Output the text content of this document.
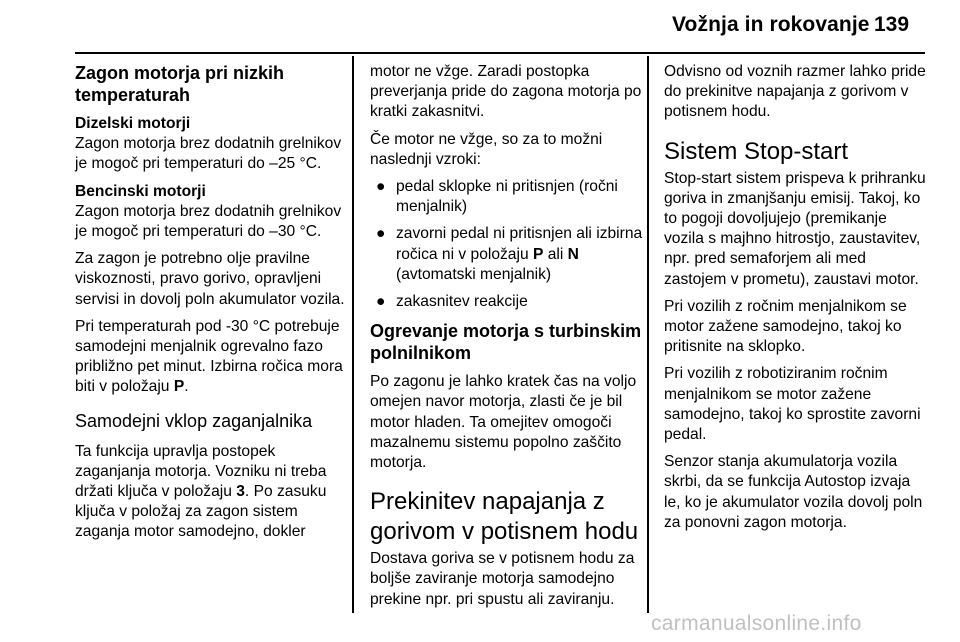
Vožnja in rokovanje 139
Zagon motorja pri nizkih temperaturah
Dizelski motorji

Zagon motorja brez dodatnih grelnikov je mogoč pri temperaturi do –25 °C.

Bencinski motorji

Zagon motorja brez dodatnih grelnikov je mogoč pri temperaturi do –30 °C.

Za zagon je potrebno olje pravilne viskoznosti, pravo gorivo, opravljeni servisi in dovolj poln akumulator vozila.

Pri temperaturah pod -30 °C potrebuje samodejni menjalnik ogrevalno fazo približno pet minut. Izbirna ročica mora biti v položaju P.

Samodejni vklop zaganjalnika

Ta funkcija upravlja postopek zaganjanja motorja. Vozniku ni treba držati ključa v položaju 3. Po zasuku ključa v položaj za zagon sistem zaganja motor samodejno, dokler

motor ne vžge. Zaradi postopka preverjanja pride do zagona motorja po kratki zakasnitvi.

Če motor ne vžge, so za to možni naslednji vzroki:

● pedal sklopke ni pritisnjen (ročni menjalnik)
● zavorni pedal ni pritisnjen ali izbirna ročica ni v položaju P ali N (avtomatski menjalnik)
● zakasnitev reakcije
Ogrevanje motorja s turbinskim polnilnikom

Po zagonu je lahko kratek čas na voljo omejen navor motorja, zlasti če je bil motor hladen. Ta omejitev omogoči mazalnemu sistemu popolno zaščito motorja.

Prekinitev napajanja z gorivom v potisnem hodu

Dostava goriva se v potisnem hodu za boljše zaviranje motorja samodejno prekine npr. pri spustu ali zaviranju.

Odvisno od voznih razmer lahko pride do prekinitve napajanja z gorivom v potisnem hodu.

Sistem Stop-start

Stop-start sistem prispeva k prihranku goriva in zmanjšanju emisij. Takoj, ko to pogoji dovoljujejo (premikanje vozila s majhno hitrostjo, zaustavitev, npr. pred semaforjem ali med zastojem v prometu), zaustavi motor.

Pri vozilih z ročnim menjalnikom se motor zažene samodejno, takoj ko pritisnite na sklopko.

Pri vozilih z robotiziranim ročnim menjalnikom se motor zažene samodejno, takoj ko sprostite zavorni pedal.

Senzor stanja akumulatorja vozila skrbi, da se funkcija Autostop izvaja le, ko je akumulator vozila dovolj poln za ponovni zagon motorja.

carmanualsonline.info
